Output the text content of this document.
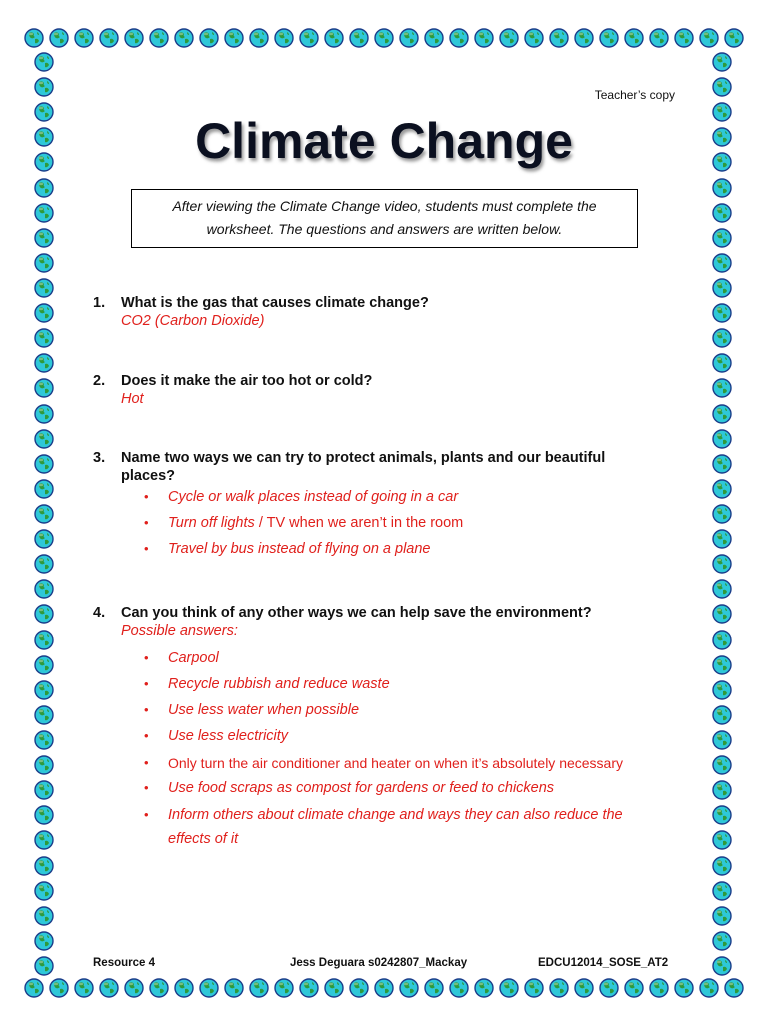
Teacher’s copy
Climate Change
After viewing the Climate Change video, students must complete the worksheet. The questions and answers are written below.
1.	What is the gas that causes climate change?
CO2 (Carbon Dioxide)
2.	Does it make the air too hot or cold?
Hot
3.	Name two ways we can try to protect animals, plants and our beautiful places?
• Cycle or walk places instead of going in a car
• Turn off lights / TV when we aren’t in the room
• Travel by bus instead of flying on a plane
4.	Can you think of any other ways we can help save the environment?
Possible answers:
• Carpool
• Recycle rubbish and reduce waste
• Use less water when possible
• Use less electricity
• Only turn the air conditioner and heater on when it’s absolutely necessary
• Use food scraps as compost for gardens or feed to chickens
• Inform others about climate change and ways they can also reduce the effects of it
Resource 4	Jess Deguara s0242807_Mackay	EDCU12014_SOSE_AT2
